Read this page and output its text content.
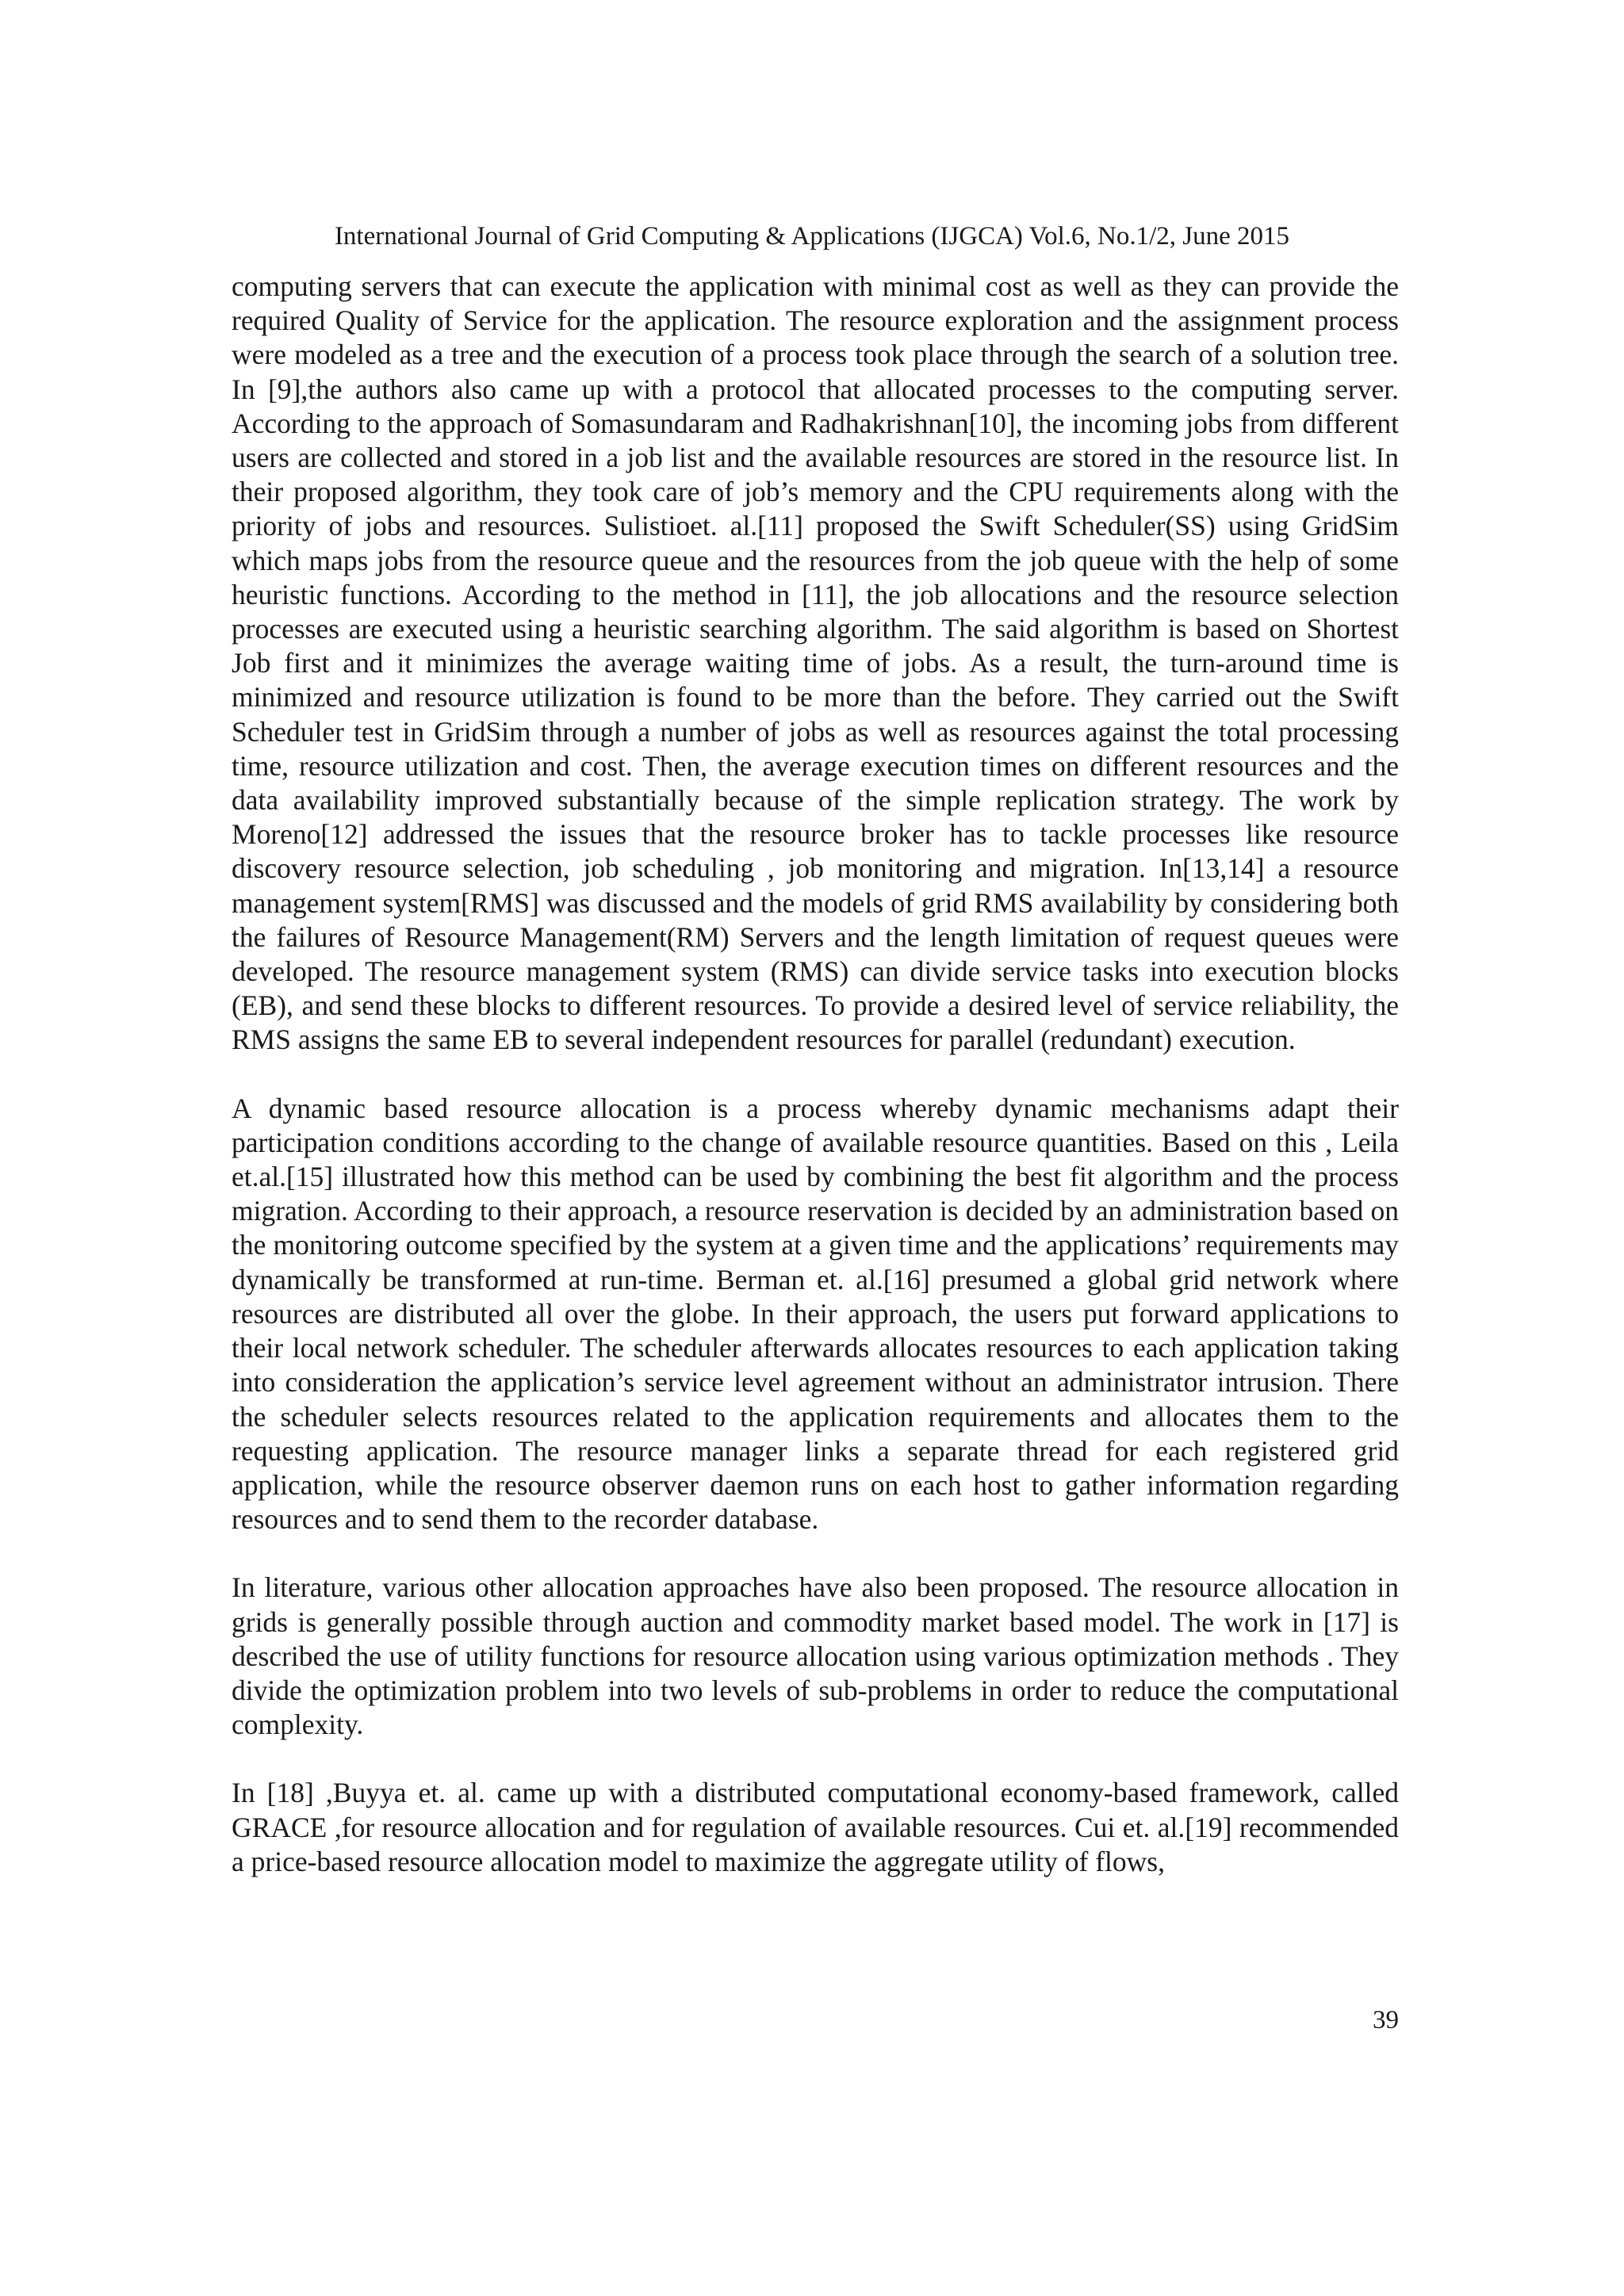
International Journal of Grid Computing & Applications (IJGCA) Vol.6, No.1/2, June 2015

computing servers that can execute the application with minimal cost as well as they can provide the required Quality of Service for the application. The resource exploration and the assignment process were modeled as a tree and the execution of a process took place through the search of a solution tree. In [9],the authors also came up with a protocol that allocated processes to the computing server. According to the approach of Somasundaram and Radhakrishnan[10], the incoming jobs from different users are collected and stored in a job list and the available resources are stored in the resource list. In their proposed algorithm, they took care of job’s memory and the CPU requirements along with the priority of jobs and resources. Sulistioet. al.[11] proposed the Swift Scheduler(SS) using GridSim which maps jobs from the resource queue and the resources from the job queue with the help of some heuristic functions. According to the method in [11], the job allocations and the resource selection processes are executed using a heuristic searching algorithm. The said algorithm is based on Shortest Job first and it minimizes the average waiting time of jobs. As a result, the turn-around time is minimized and resource utilization is found to be more than the before. They carried out the Swift Scheduler test in GridSim through a number of jobs as well as resources against the total processing time, resource utilization and cost. Then, the average execution times on different resources and the data availability improved substantially because of the simple replication strategy. The work by Moreno[12] addressed the issues that the resource broker has to tackle processes like resource discovery resource selection, job scheduling , job monitoring and migration. In[13,14] a resource management system[RMS] was discussed and the models of grid RMS availability by considering both the failures of Resource Management(RM) Servers and the length limitation of request queues were developed. The resource management system (RMS) can divide service tasks into execution blocks (EB), and send these blocks to different resources. To provide a desired level of service reliability, the RMS assigns the same EB to several independent resources for parallel (redundant) execution.

A dynamic based resource allocation is a process whereby dynamic mechanisms adapt their participation conditions according to the change of available resource quantities. Based on this , Leila et.al.[15] illustrated how this method can be used by combining the best fit algorithm and the process migration. According to their approach, a resource reservation is decided by an administration based on the monitoring outcome specified by the system at a given time and the applications’ requirements may dynamically be transformed at run-time. Berman et. al.[16] presumed a global grid network where resources are distributed all over the globe. In their approach, the users put forward applications to their local network scheduler. The scheduler afterwards allocates resources to each application taking into consideration the application’s service level agreement without an administrator intrusion. There the scheduler selects resources related to the application requirements and allocates them to the requesting application. The resource manager links a separate thread for each registered grid application, while the resource observer daemon runs on each host to gather information regarding resources and to send them to the recorder database.

In literature, various other allocation approaches have also been proposed. The resource allocation in grids is generally possible through auction and commodity market based model. The work in [17] is described the use of utility functions for resource allocation using various optimization methods . They divide the optimization problem into two levels of sub-problems in order to reduce the computational complexity.

In [18] ,Buyya et. al. came up with a distributed computational economy-based framework, called GRACE ,for resource allocation and for regulation of available resources. Cui et. al.[19] recommended a price-based resource allocation model to maximize the aggregate utility of flows,

39
